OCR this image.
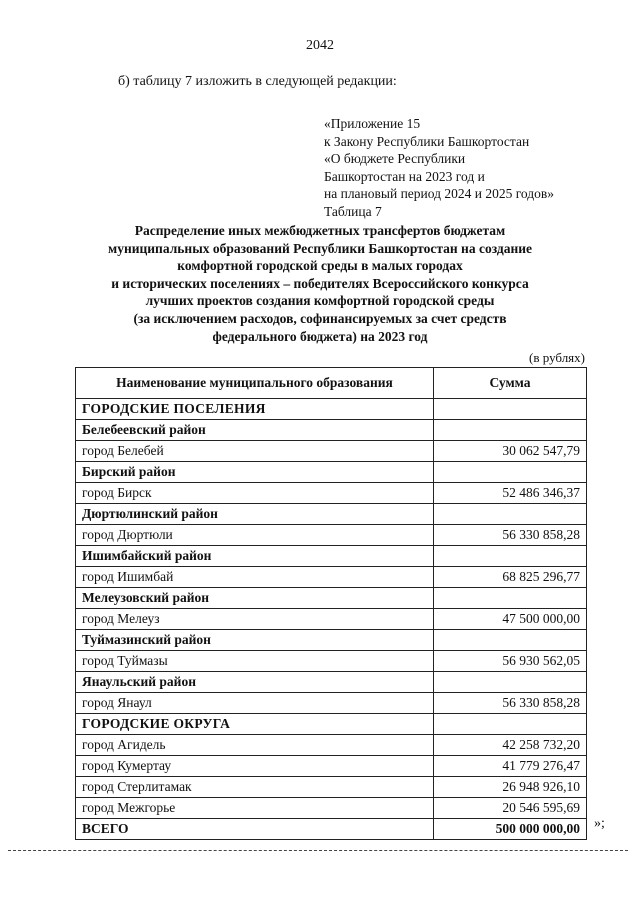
2042
б) таблицу 7 изложить в следующей редакции:
«Приложение 15
к Закону Республики Башкортостан
«О бюджете Республики
Башкортостан на 2023 год и
на плановый период 2024 и 2025 годов»
Таблица 7
Распределение иных межбюджетных трансфертов бюджетам
муниципальных образований Республики Башкортостан на создание
комфортной городской среды в малых городах
и исторических поселениях – победителях Всероссийского конкурса
лучших проектов создания комфортной городской среды
(за исключением расходов, софинансируемых за счет средств
федерального бюджета) на 2023 год
(в рублях)
Наименование муниципального образования	Сумма
ГОРОДСКИЕ ПОСЕЛЕНИЯ	
Белебеевский район	
город Белебей	30 062 547,79
Бирский район	
город Бирск	52 486 346,37
Дюртюлинский район	
город Дюртюли	56 330 858,28
Ишимбайский район	
город Ишимбай	68 825 296,77
Мелеузовский район	
город Мелеуз	47 500 000,00
Туймазинский район	
город Туймазы	56 930 562,05
Янаульский район	
город Янаул	56 330 858,28
ГОРОДСКИЕ ОКРУГА	
город Агидель	42 258 732,20
город Кумертау	41 779 276,47
город Стерлитамак	26 948 926,10
город Межгорье	20 546 595,69
ВСЕГО	500 000 000,00 »;
